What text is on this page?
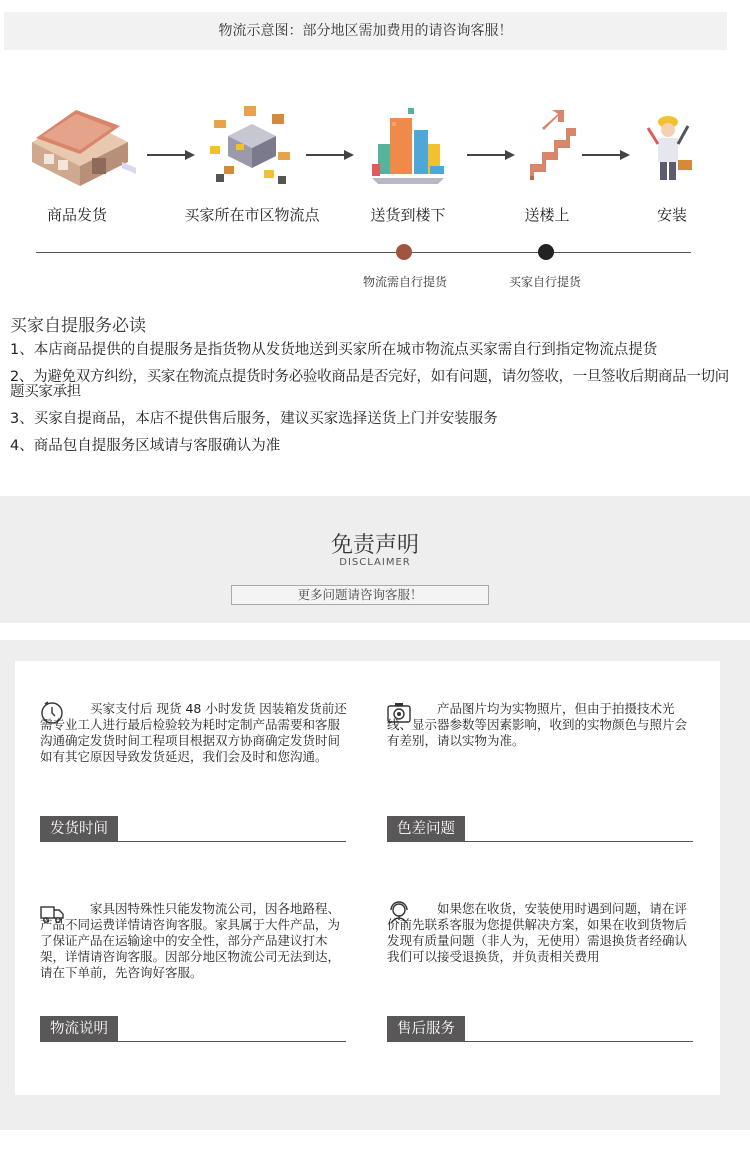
物流示意图：部分地区需加费用的请咨询客服！
商品发货	买家所在市区物流点	送货到楼下	送楼上	安装
物流需自行提货	买家自行提货
买家自提服务必读
1、本店商品提供的自提服务是指货物从发货地送到买家所在城市物流点买家需自行到指定物流点提货
2、为避免双方纠纷，买家在物流点提货时务必验收商品是否完好，如有问题，请勿签收，一旦签收后期商品一切问题买家承担
3、买家自提商品，本店不提供售后服务，建议买家选择送货上门并安装服务
4、商品包自提服务区域请与客服确认为准
免责声明
DISCLAIMER
更多问题请咨询客服！

买家支付后 现货 48 小时发货 因装箱发货前还需专业工人进行最后检验较为耗时定制产品需要和客服沟通确定发货时间工程项目根据双方协商确定发货时间如有其它原因导致发货延迟，我们会及时和您沟通。

发货时间

产品图片均为实物照片，但由于拍摄技术光线、显示器参数等因素影响，收到的实物颜色与照片会有差别，请以实物为准。

色差问题

家具因特殊性只能发物流公司，因各地路程、产品不同运费详情请咨询客服。家具属于大件产品，为了保证产品在运输途中的安全性，部分产品建议打木架，详情请咨询客服。因部分地区物流公司无法到达，请在下单前，先咨询好客服。

物流说明

如果您在收货，安装使用时遇到问题，请在评价前先联系客服为您提供解决方案，如果在收到货物后发现有质量问题（非人为，无使用）需退换货者经确认我们可以接受退换货，并负责相关费用

售后服务
